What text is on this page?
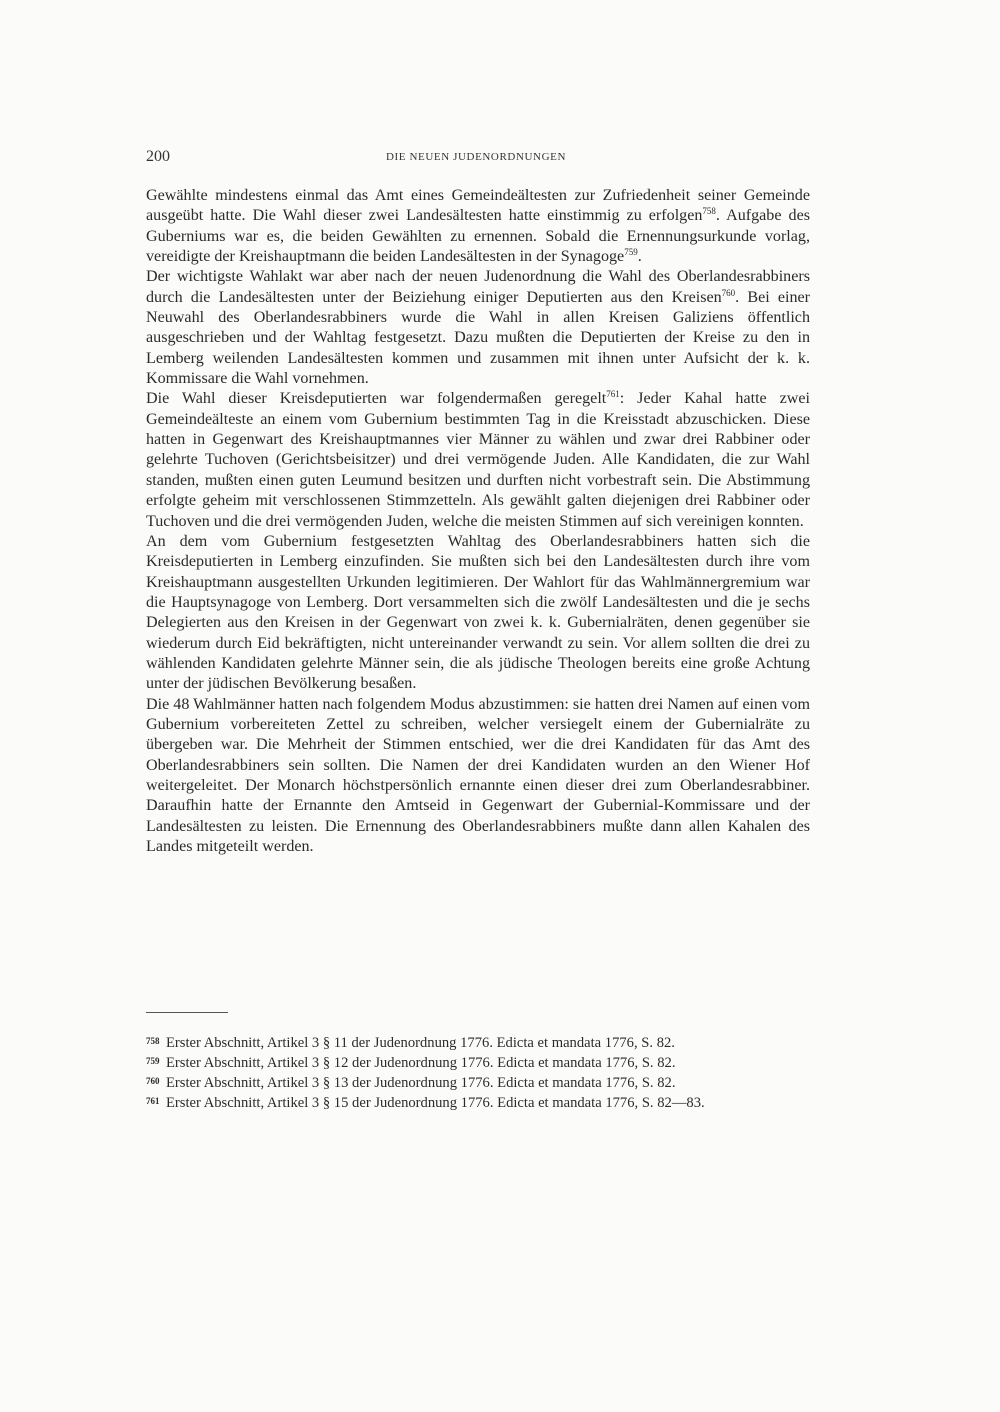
200	DIE NEUEN JUDENORDNUNGEN

Gewählte mindestens einmal das Amt eines Gemeindeältesten zur Zufriedenheit seiner Gemeinde ausgeübt hatte. Die Wahl dieser zwei Landesältesten hatte einstimmig zu erfolgen$^{758}$. Aufgabe des Guberniums war es, die beiden Gewählten zu ernennen. Sobald die Ernennungsurkunde vorlag, vereidigte der Kreishauptmann die beiden Landesältesten in der Synagoge$^{759}$.

Der wichtigste Wahlakt war aber nach der neuen Judenordnung die Wahl des Oberlandesrabbiners durch die Landesältesten unter der Beiziehung einiger Deputierten aus den Kreisen$^{760}$. Bei einer Neuwahl des Oberlandesrabbiners wurde die Wahl in allen Kreisen Galiziens öffentlich ausgeschrieben und der Wahltag festgesetzt. Dazu mußten die Deputierten der Kreise zu den in Lemberg weilenden Landesältesten kommen und zusammen mit ihnen unter Aufsicht der k. k. Kommissare die Wahl vornehmen.

Die Wahl dieser Kreisdeputierten war folgendermaßen geregelt$^{761}$: Jeder Kahal hatte zwei Gemeindeälteste an einem vom Gubernium bestimmten Tag in die Kreisstadt abzuschicken. Diese hatten in Gegenwart des Kreishauptmannes vier Männer zu wählen und zwar drei Rabbiner oder gelehrte Tuchoven (Gerichtsbeisitzer) und drei vermögende Juden. Alle Kandidaten, die zur Wahl standen, mußten einen guten Leumund besitzen und durften nicht vorbestraft sein. Die Abstimmung erfolgte geheim mit verschlossenen Stimmzetteln. Als gewählt galten diejenigen drei Rabbiner oder Tuchoven und die drei vermögenden Juden, welche die meisten Stimmen auf sich vereinigen konnten.

An dem vom Gubernium festgesetzten Wahltag des Oberlandesrabbiners hatten sich die Kreisdeputierten in Lemberg einzufinden. Sie mußten sich bei den Landesältesten durch ihre vom Kreishauptmann ausgestellten Urkunden legitimieren. Der Wahlort für das Wahlmännergremium war die Hauptsynagoge von Lemberg. Dort versammelten sich die zwölf Landesältesten und die je sechs Delegierten aus den Kreisen in der Gegenwart von zwei k. k. Gubernialräten, denen gegenüber sie wiederum durch Eid bekräftigten, nicht untereinander verwandt zu sein. Vor allem sollten die drei zu wählenden Kandidaten gelehrte Männer sein, die als jüdische Theologen bereits eine große Achtung unter der jüdischen Bevölkerung besaßen.

Die 48 Wahlmänner hatten nach folgendem Modus abzustimmen: sie hatten drei Namen auf einen vom Gubernium vorbereiteten Zettel zu schreiben, welcher versiegelt einem der Gubernialräte zu übergeben war. Die Mehrheit der Stimmen entschied, wer die drei Kandidaten für das Amt des Oberlandesrabbiners sein sollten. Die Namen der drei Kandidaten wurden an den Wiener Hof weitergeleitet. Der Monarch höchstpersönlich ernannte einen dieser drei zum Oberlandesrabbiner. Daraufhin hatte der Ernannte den Amtseid in Gegenwart der Gubernial-Kommissare und der Landesältesten zu leisten. Die Ernennung des Oberlandesrabbiners mußte dann allen Kahalen des Landes mitgeteilt werden.

758 Erster Abschnitt, Artikel 3 § 11 der Judenordnung 1776. Edicta et mandata 1776, S. 82.
759 Erster Abschnitt, Artikel 3 § 12 der Judenordnung 1776. Edicta et mandata 1776, S. 82.
760 Erster Abschnitt, Artikel 3 § 13 der Judenordnung 1776. Edicta et mandata 1776, S. 82.
761 Erster Abschnitt, Artikel 3 § 15 der Judenordnung 1776. Edicta et mandata 1776, S. 82—83.
